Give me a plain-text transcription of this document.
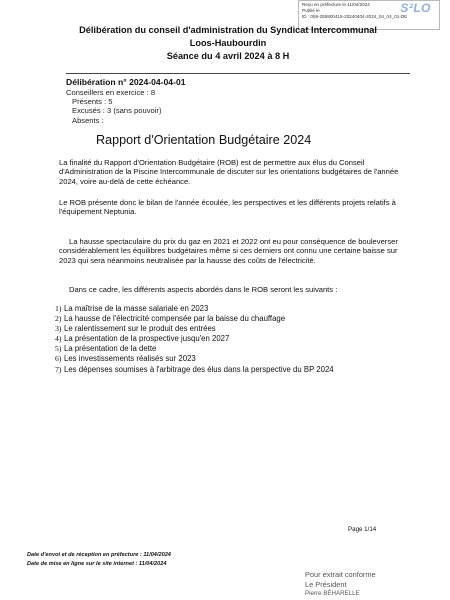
Reçu en préfecture le 11/04/2024
Publié le
ID : 059-255900415-20240404-2024_04_04_01-DE
S²LO
Délibération du conseil d'administration du Syndicat Intercommunal
Loos-Haubourdin
Séance du 4 avril 2024 à 8 H
Délibération n° 2024-04-04-01
Conseillers en exercice : 8
Présents : 5
Excusés : 3 (sans pouvoir)
Absents :
Rapport d'Orientation Budgétaire 2024
La finalité du Rapport d'Orientation Budgétaire (ROB) est de permettre aux élus du Conseil d'Administration de la Piscine Intercommunale de discuter sur les orientations budgétaires de l'année 2024, voire au-delà de cette échéance.
Le ROB présente donc le bilan de l'année écoulée, les perspectives et les différents projets relatifs à l'équipement Neptunia.
La hausse spectaculaire du prix du gaz en 2021 et 2022 ont eu pour conséquence de bouleverser considérablement les équilibres budgétaires même si ces derniers ont connu une certaine baisse sur 2023 qui sera néanmoins neutralisée par la hausse des coûts de l'électricité.
Dans ce cadre, les différents aspects abordés dans le ROB seront les suivants :
1) La maîtrise de la masse salariale en 2023
2) La hausse de l'électricité compensée par la baisse du chauffage
3) Le ralentissement sur le produit des entrées
4) La présentation de la prospective jusqu'en 2027
5) La présentation de la dette
6) Les investissements réalisés sur 2023
7) Les dépenses soumises à l'arbitrage des élus dans la perspective du BP 2024
Page 1/14
Date d'envoi et de réception en préfecture : 11/04/2024
Date de mise en ligne sur le site internet : 11/04/2024
Pour extrait conforme
Le Président
Pierre BÉHARELLE
